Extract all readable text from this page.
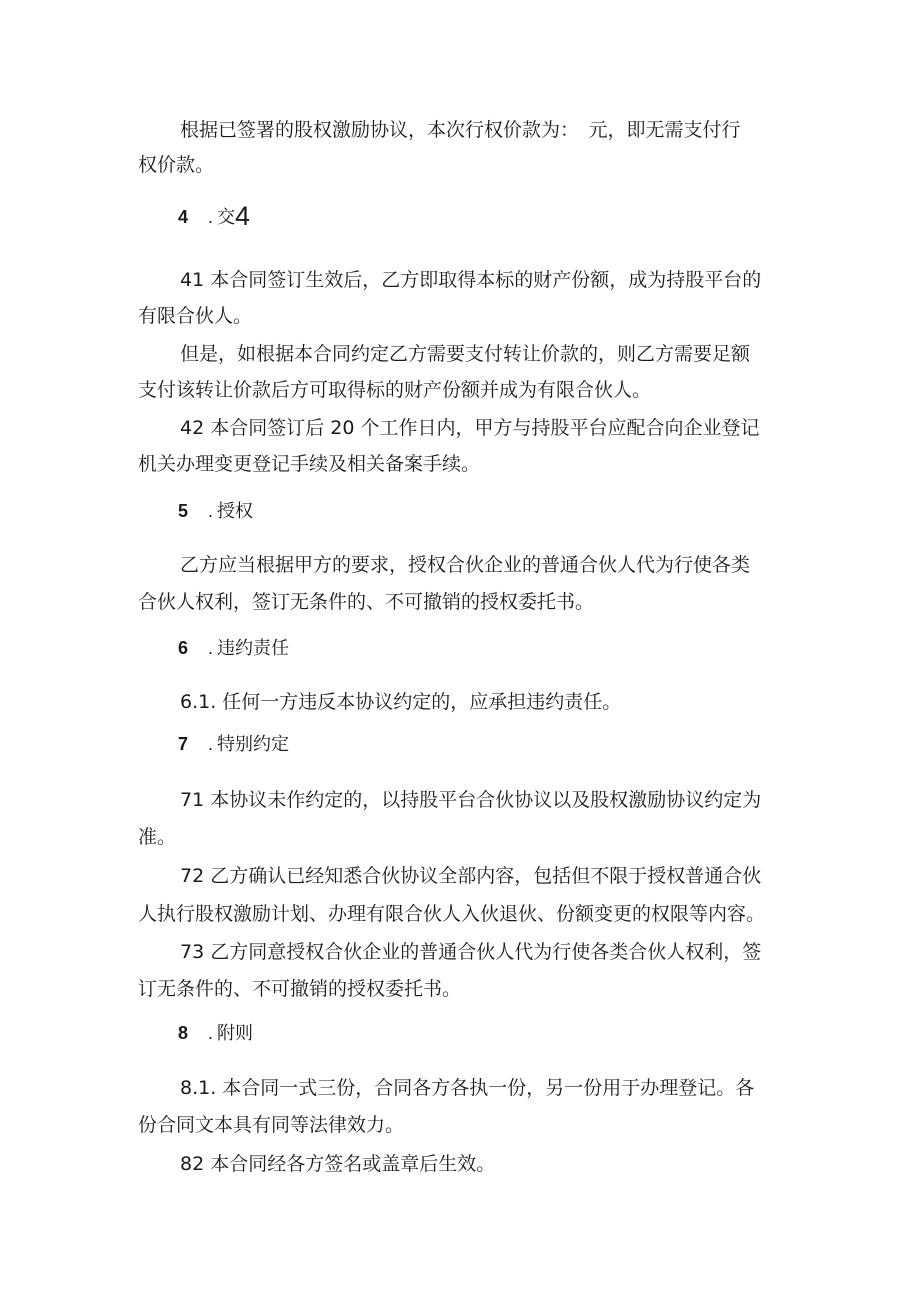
根据已签署的股权激励协议，本次行权价款为：　元，即无需支付行
权价款。
4 . 交4
41 本合同签订生效后，乙方即取得本标的财产份额，成为持股平台的
有限合伙人。
但是，如根据本合同约定乙方需要支付转让价款的，则乙方需要足额
支付该转让价款后方可取得标的财产份额并成为有限合伙人。
42 本合同签订后 20 个工作日内，甲方与持股平台应配合向企业登记
机关办理变更登记手续及相关备案手续。
5 . 授权
乙方应当根据甲方的要求，授权合伙企业的普通合伙人代为行使各类
合伙人权利，签订无条件的、不可撤销的授权委托书。
6 . 违约责任
6.1. 任何一方违反本协议约定的，应承担违约责任。
7 . 特别约定
71 本协议未作约定的，以持股平台合伙协议以及股权激励协议约定为
准。
72 乙方确认已经知悉合伙协议全部内容，包括但不限于授权普通合伙
人执行股权激励计划、办理有限合伙人入伙退伙、份额变更的权限等内容。
73 乙方同意授权合伙企业的普通合伙人代为行使各类合伙人权利，签
订无条件的、不可撤销的授权委托书。
8 . 附则
8.1. 本合同一式三份，合同各方各执一份，另一份用于办理登记。各
份合同文本具有同等法律效力。
82 本合同经各方签名或盖章后生效。
